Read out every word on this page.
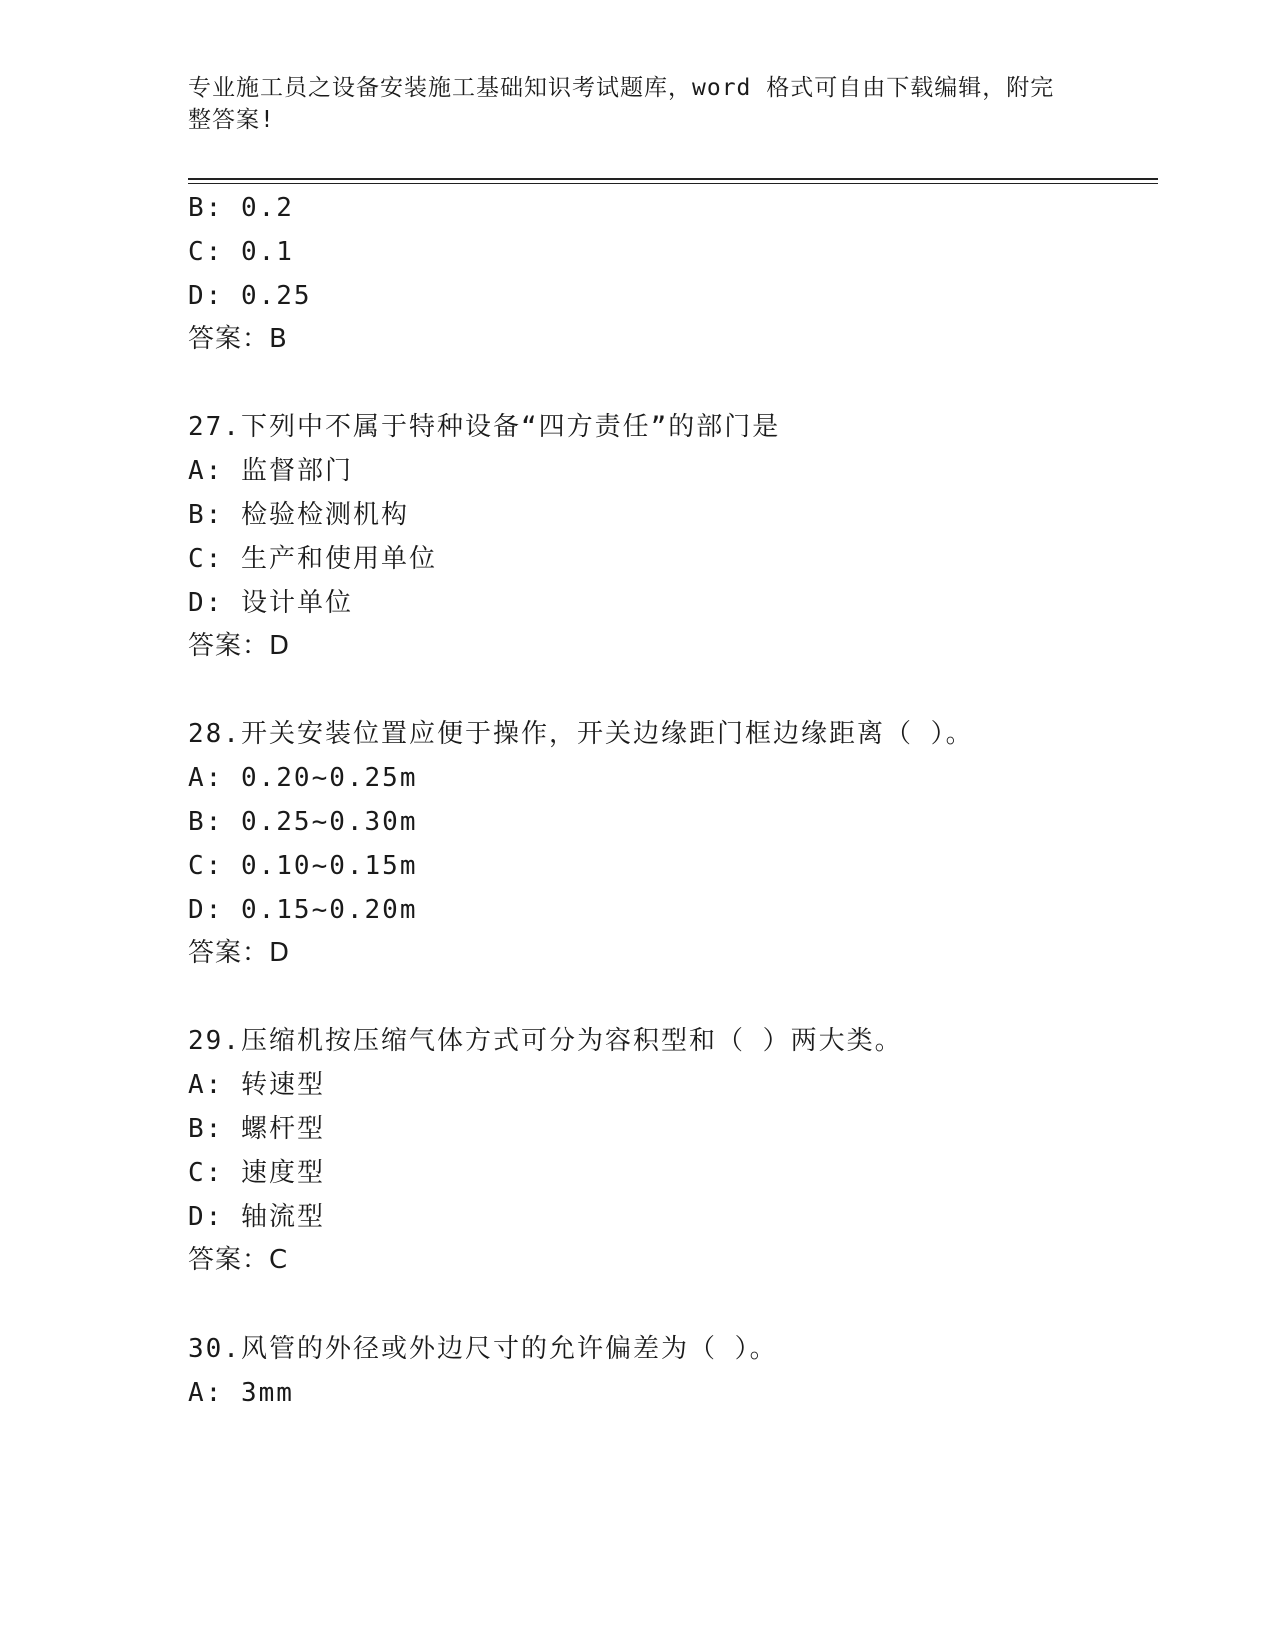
专业施工员之设备安装施工基础知识考试题库，word 格式可自由下载编辑，附完整答案!
B: 0.2
C: 0.1
D: 0.25
答案：B
27.下列中不属于特种设备“四方责任”的部门是
A: 监督部门
B: 检验检测机构
C: 生产和使用单位
D: 设计单位
答案：D
28.开关安装位置应便于操作，开关边缘距门框边缘距离（ ）。
A: 0.20~0.25m
B: 0.25~0.30m
C: 0.10~0.15m
D: 0.15~0.20m
答案：D
29.压缩机按压缩气体方式可分为容积型和（ ）两大类。
A: 转速型
B: 螺杆型
C: 速度型
D: 轴流型
答案：C
30.风管的外径或外边尺寸的允许偏差为（ ）。
A: 3mm
